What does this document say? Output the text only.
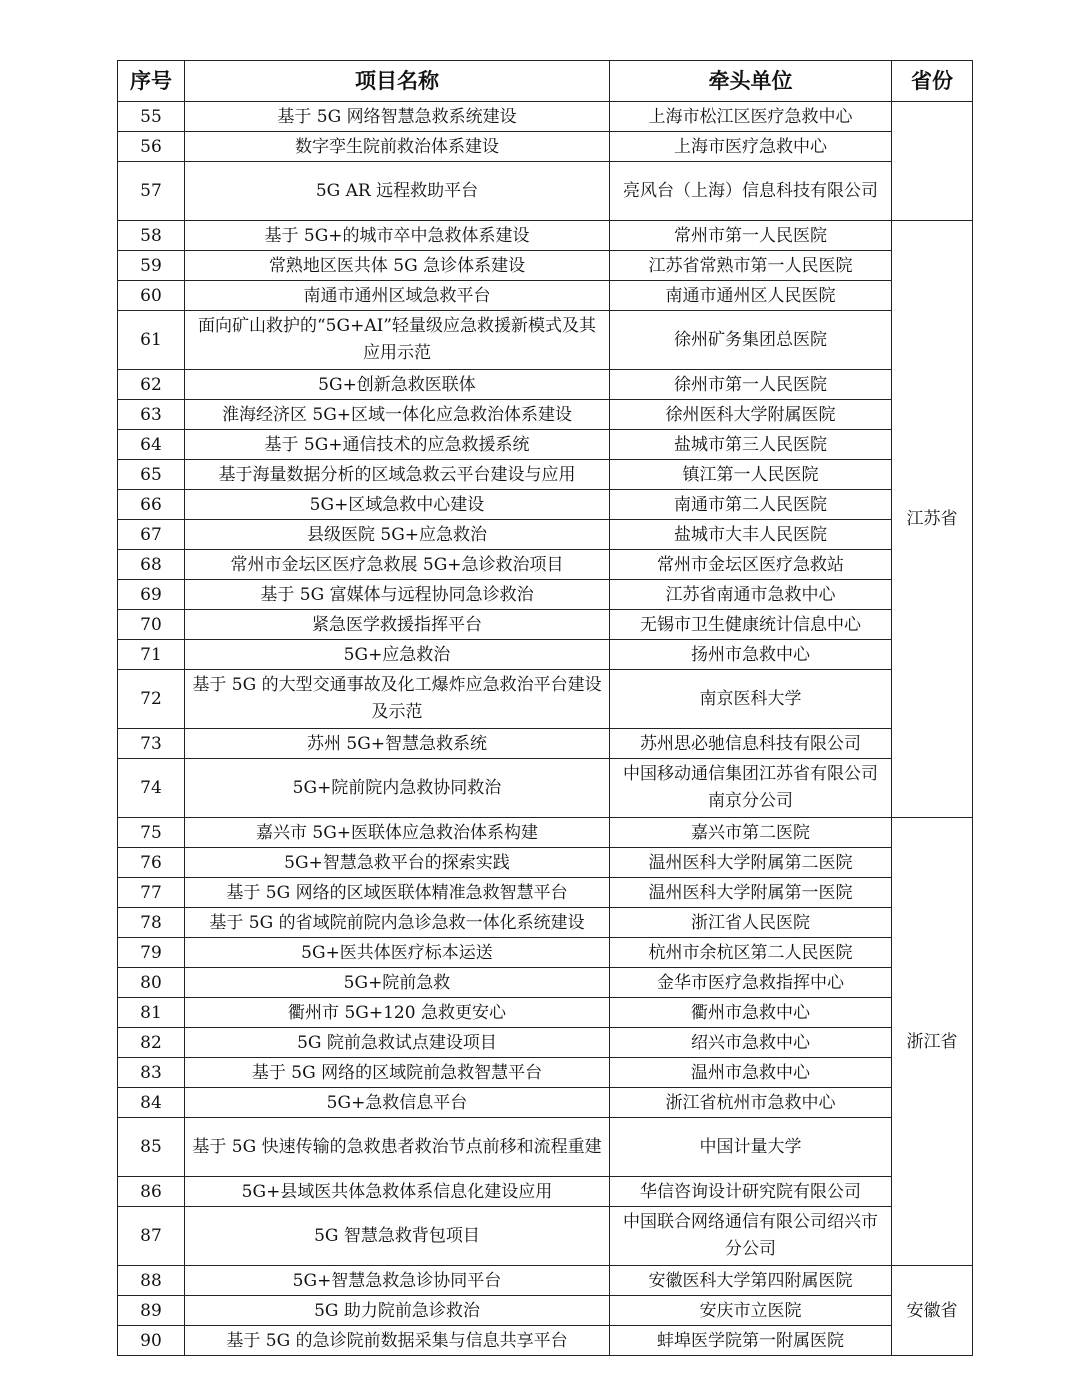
序号	项目名称	牵头单位	省份
55	基于 5G 网络智慧急救系统建设	上海市松江区医疗急救中心	
56	数字孪生院前救治体系建设	上海市医疗急救中心	
57	5G AR 远程救助平台	亮风台（上海）信息科技有限公司	
58	基于 5G+的城市卒中急救体系建设	常州市第一人民医院	江苏省
59	常熟地区医共体 5G 急诊体系建设	江苏省常熟市第一人民医院	
60	南通市通州区域急救平台	南通市通州区人民医院	
61	面向矿山救护的“5G+AI”轻量级应急救援新模式及其应用示范	徐州矿务集团总医院	
62	5G+创新急救医联体	徐州市第一人民医院	
63	淮海经济区 5G+区域一体化应急救治体系建设	徐州医科大学附属医院	
64	基于 5G+通信技术的应急救援系统	盐城市第三人民医院	
65	基于海量数据分析的区域急救云平台建设与应用	镇江第一人民医院	
66	5G+区域急救中心建设	南通市第二人民医院	
67	县级医院 5G+应急救治	盐城市大丰人民医院	
68	常州市金坛区医疗急救展 5G+急诊救治项目	常州市金坛区医疗急救站	
69	基于 5G 富媒体与远程协同急诊救治	江苏省南通市急救中心	
70	紧急医学救援指挥平台	无锡市卫生健康统计信息中心	
71	5G+应急救治	扬州市急救中心	
72	基于 5G 的大型交通事故及化工爆炸应急救治平台建设及示范	南京医科大学	
73	苏州 5G+智慧急救系统	苏州思必驰信息科技有限公司	
74	5G+院前院内急救协同救治	中国移动通信集团江苏省有限公司南京分公司	
75	嘉兴市 5G+医联体应急救治体系构建	嘉兴市第二医院	浙江省
76	5G+智慧急救平台的探索实践	温州医科大学附属第二医院	
77	基于 5G 网络的区域医联体精准急救智慧平台	温州医科大学附属第一医院	
78	基于 5G 的省域院前院内急诊急救一体化系统建设	浙江省人民医院	
79	5G+医共体医疗标本运送	杭州市余杭区第二人民医院	
80	5G+院前急救	金华市医疗急救指挥中心	
81	衢州市 5G+120 急救更安心	衢州市急救中心	
82	5G 院前急救试点建设项目	绍兴市急救中心	
83	基于 5G 网络的区域院前急救智慧平台	温州市急救中心	
84	5G+急救信息平台	浙江省杭州市急救中心	
85	基于 5G 快速传输的急救患者救治节点前移和流程重建	中国计量大学	
86	5G+县域医共体急救体系信息化建设应用	华信咨询设计研究院有限公司	
87	5G 智慧急救背包项目	中国联合网络通信有限公司绍兴市分公司	
88	5G+智慧急救急诊协同平台	安徽医科大学第四附属医院	安徽省
89	5G 助力院前急诊救治	安庆市立医院	
90	基于 5G 的急诊院前数据采集与信息共享平台	蚌埠医学院第一附属医院	
